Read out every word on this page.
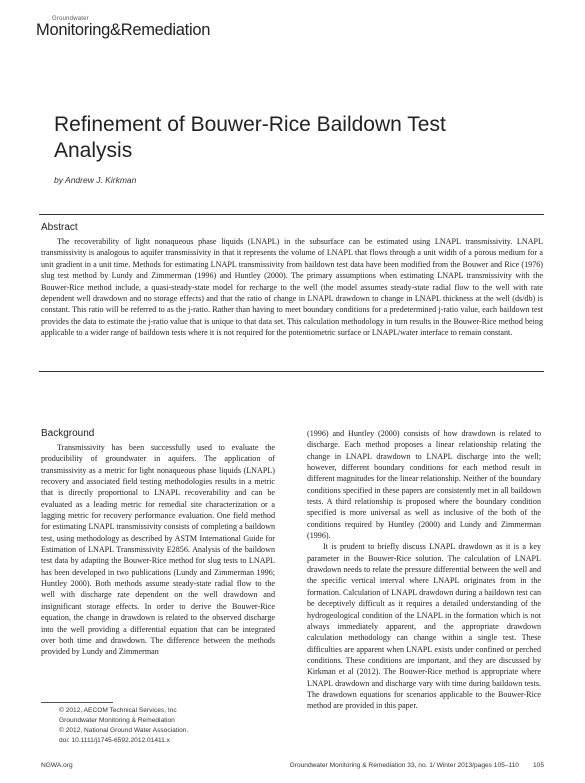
Groundwater
Monitoring&Remediation
Refinement of Bouwer-Rice Baildown Test Analysis
by Andrew J. Kirkman
Abstract

The recoverability of light nonaqueous phase liquids (LNAPL) in the subsurface can be estimated using LNAPL transmissivity. LNAPL transmissivity is analogous to aquifer transmissivity in that it represents the volume of LNAPL that flows through a unit width of a porous medium for a unit gradient in a unit time. Methods for estimating LNAPL transmissivity from baildown test data have been modified from the Bouwer and Rice (1976) slug test method by Lundy and Zimmerman (1996) and Huntley (2000). The primary assumptions when estimating LNAPL transmissivity with the Bouwer-Rice method include, a quasi-steady-state model for recharge to the well (the model assumes steady-state radial flow to the well with rate dependent well drawdown and no storage effects) and that the ratio of change in LNAPL drawdown to change in LNAPL thickness at the well (ds/db) is constant. This ratio will be referred to as the j-ratio. Rather than having to meet boundary conditions for a predetermined j-ratio value, each baildown test provides the data to estimate the j-ratio value that is unique to that data set. This calculation methodology in turn results in the Bouwer-Rice method being applicable to a wider range of baildown tests where it is not required for the potentiometric surface or LNAPL/water interface to remain constant.

Background

Transmissivity has been successfully used to evaluate the producibility of groundwater in aquifers. The application of transmissivity as a metric for light nonaqueous phase liquids (LNAPL) recovery and associated field testing methodologies results in a metric that is directly proportional to LNAPL recoverability and can be evaluated as a leading metric for remedial site characterization or a lagging metric for recovery performance evaluation. One field method for estimating LNAPL transmissivity consists of completing a baildown test, using methodology as described by ASTM International Guide for Estimation of LNAPL Transmissivity E2856. Analysis of the baildown test data by adapting the Bouwer-Rice method for slug tests to LNAPL has been developed in two publications (Lundy and Zimmerman 1996; Huntley 2000). Both methods assume steady-state radial flow to the well with discharge rate dependent on the well drawdown and insignificant storage effects. In order to derive the Bouwer-Rice equation, the change in drawdown is related to the observed discharge into the well providing a differential equation that can be integrated over both time and drawdown. The difference between the methods provided by Lundy and Zimmerman

(1996) and Huntley (2000) consists of how drawdown is related to discharge. Each method proposes a linear relationship relating the change in LNAPL drawdown to LNAPL discharge into the well; however, different boundary conditions for each method result in different magnitudes for the linear relationship. Neither of the boundary conditions specified in these papers are consistently met in all baildown tests. A third relationship is proposed where the boundary condition specified is more universal as well as inclusive of the both of the conditions required by Huntley (2000) and Lundy and Zimmerman (1996).

It is prudent to briefly discuss LNAPL drawdown as it is a key parameter in the Bouwer-Rice solution. The calculation of LNAPL drawdown needs to relate the pressure differential between the well and the specific vertical interval where LNAPL originates from in the formation. Calculation of LNAPL drawdown during a baildown test can be deceptively difficult as it requires a detailed understanding of the hydrogeological condition of the LNAPL in the formation which is not always immediately apparent, and the appropriate drawdown calculation methodology can change within a single test. These difficulties are apparent when LNAPL exists under confined or perched conditions. These conditions are important, and they are discussed by Kirkman et al (2012). The Bouwer-Rice method is appropriate where LNAPL drawdown and discharge vary with time during baildown tests. The drawdown equations for scenarios applicable to the Bouwer-Rice method are provided in this paper.

© 2012, AECOM Technical Services, Inc
Groundwater Monitoring & Remediation
© 2012, National Ground Water Association.
doi: 10.1111/j1745-6592.2012.01411.x
NGWA.org	Groundwater Monitoring & Remediation 33, no. 1/ Winter 2013/pages 105–110 105
